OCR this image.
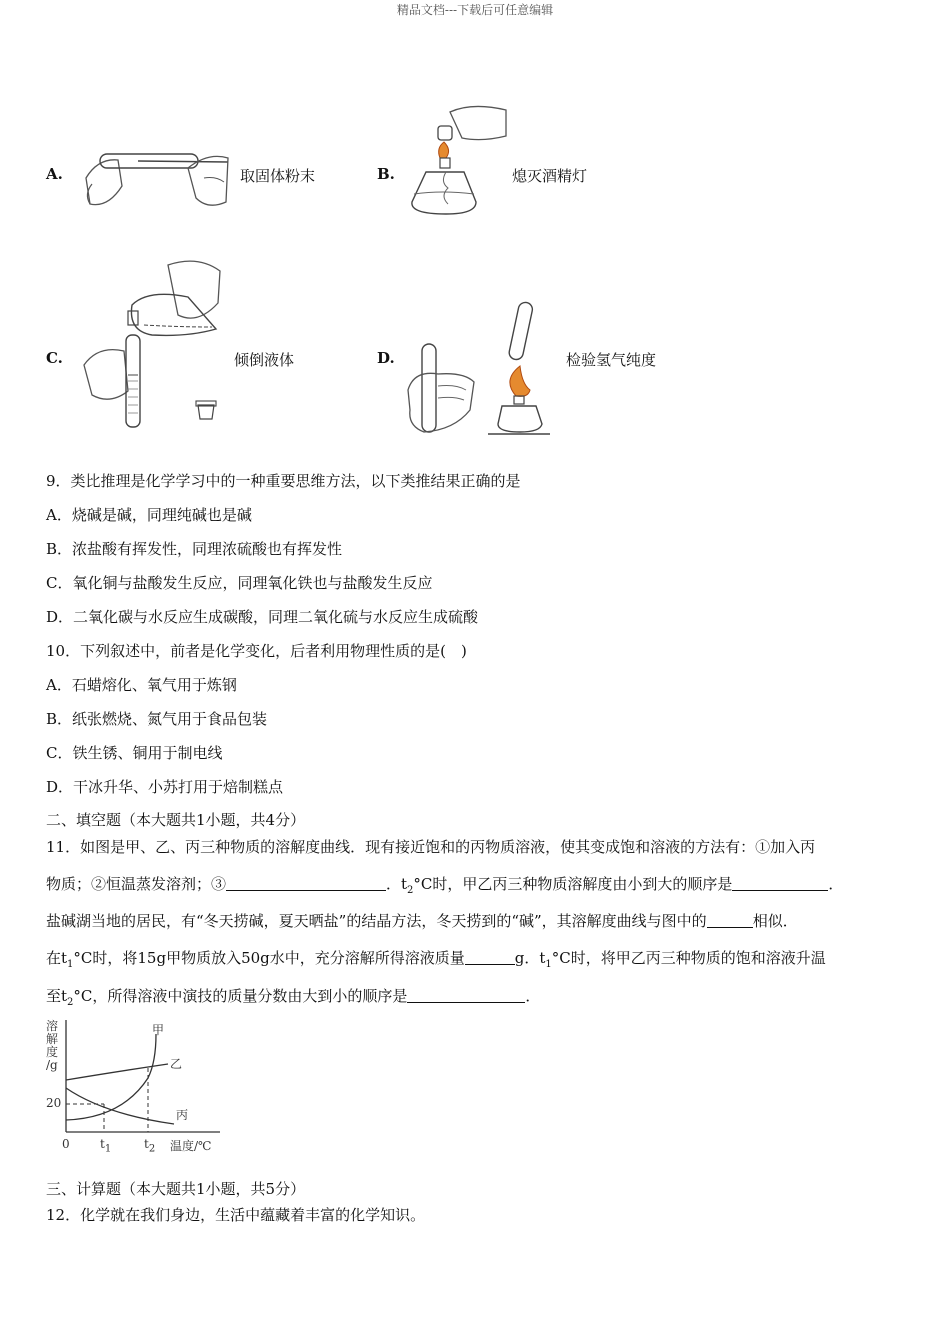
精品文档---下载后可任意编辑
A.	取固体粉末	B.	熄灭酒精灯
C.	倾倒液体	D.	检验氢气纯度
9．类比推理是化学学习中的一种重要思维方法，以下类推结果正确的是
A．烧碱是碱，同理纯碱也是碱
B．浓盐酸有挥发性，同理浓硫酸也有挥发性
C．氧化铜与盐酸发生反应，同理氧化铁也与盐酸发生反应
D．二氧化碳与水反应生成碳酸，同理二氧化硫与水反应生成硫酸
10．下列叙述中，前者是化学变化，后者利用物理性质的是(　)
A．石蜡熔化、氧气用于炼钢
B．纸张燃烧、氮气用于食品包装
C．铁生锈、铜用于制电线
D．干冰升华、小苏打用于焙制糕点
二、填空题（本大题共1小题，共4分）
11．如图是甲、乙、丙三种物质的溶解度曲线．现有接近饱和的丙物质溶液，使其变成饱和溶液的方法有：①加入丙
物质；②恒温蒸发溶剂；③	．$t_2^\circ C$时，甲乙丙三种物质溶解度由小到大的顺序是	．
盐碱湖当地的居民，有“冬天捞碱，夏天晒盐”的结晶方法，冬天捞到的“碱”，其溶解度曲线与图中的	相似．
在$t_1^\circ C$时，将15g甲物质放入50g水中，充分溶解所得溶液质量	g．$t_1^\circ C$时，将甲乙丙三种物质的饱和溶液升温
至$t_2^\circ C$，所得溶液中演技的质量分数由大到小的顺序是	．
溶
解
度
/g
20
0	$t_1$	$t_2$ 温度/℃
甲
乙
丙
三、计算题（本大题共1小题，共5分）
12．化学就在我们身边，生活中蕴藏着丰富的化学知识。
